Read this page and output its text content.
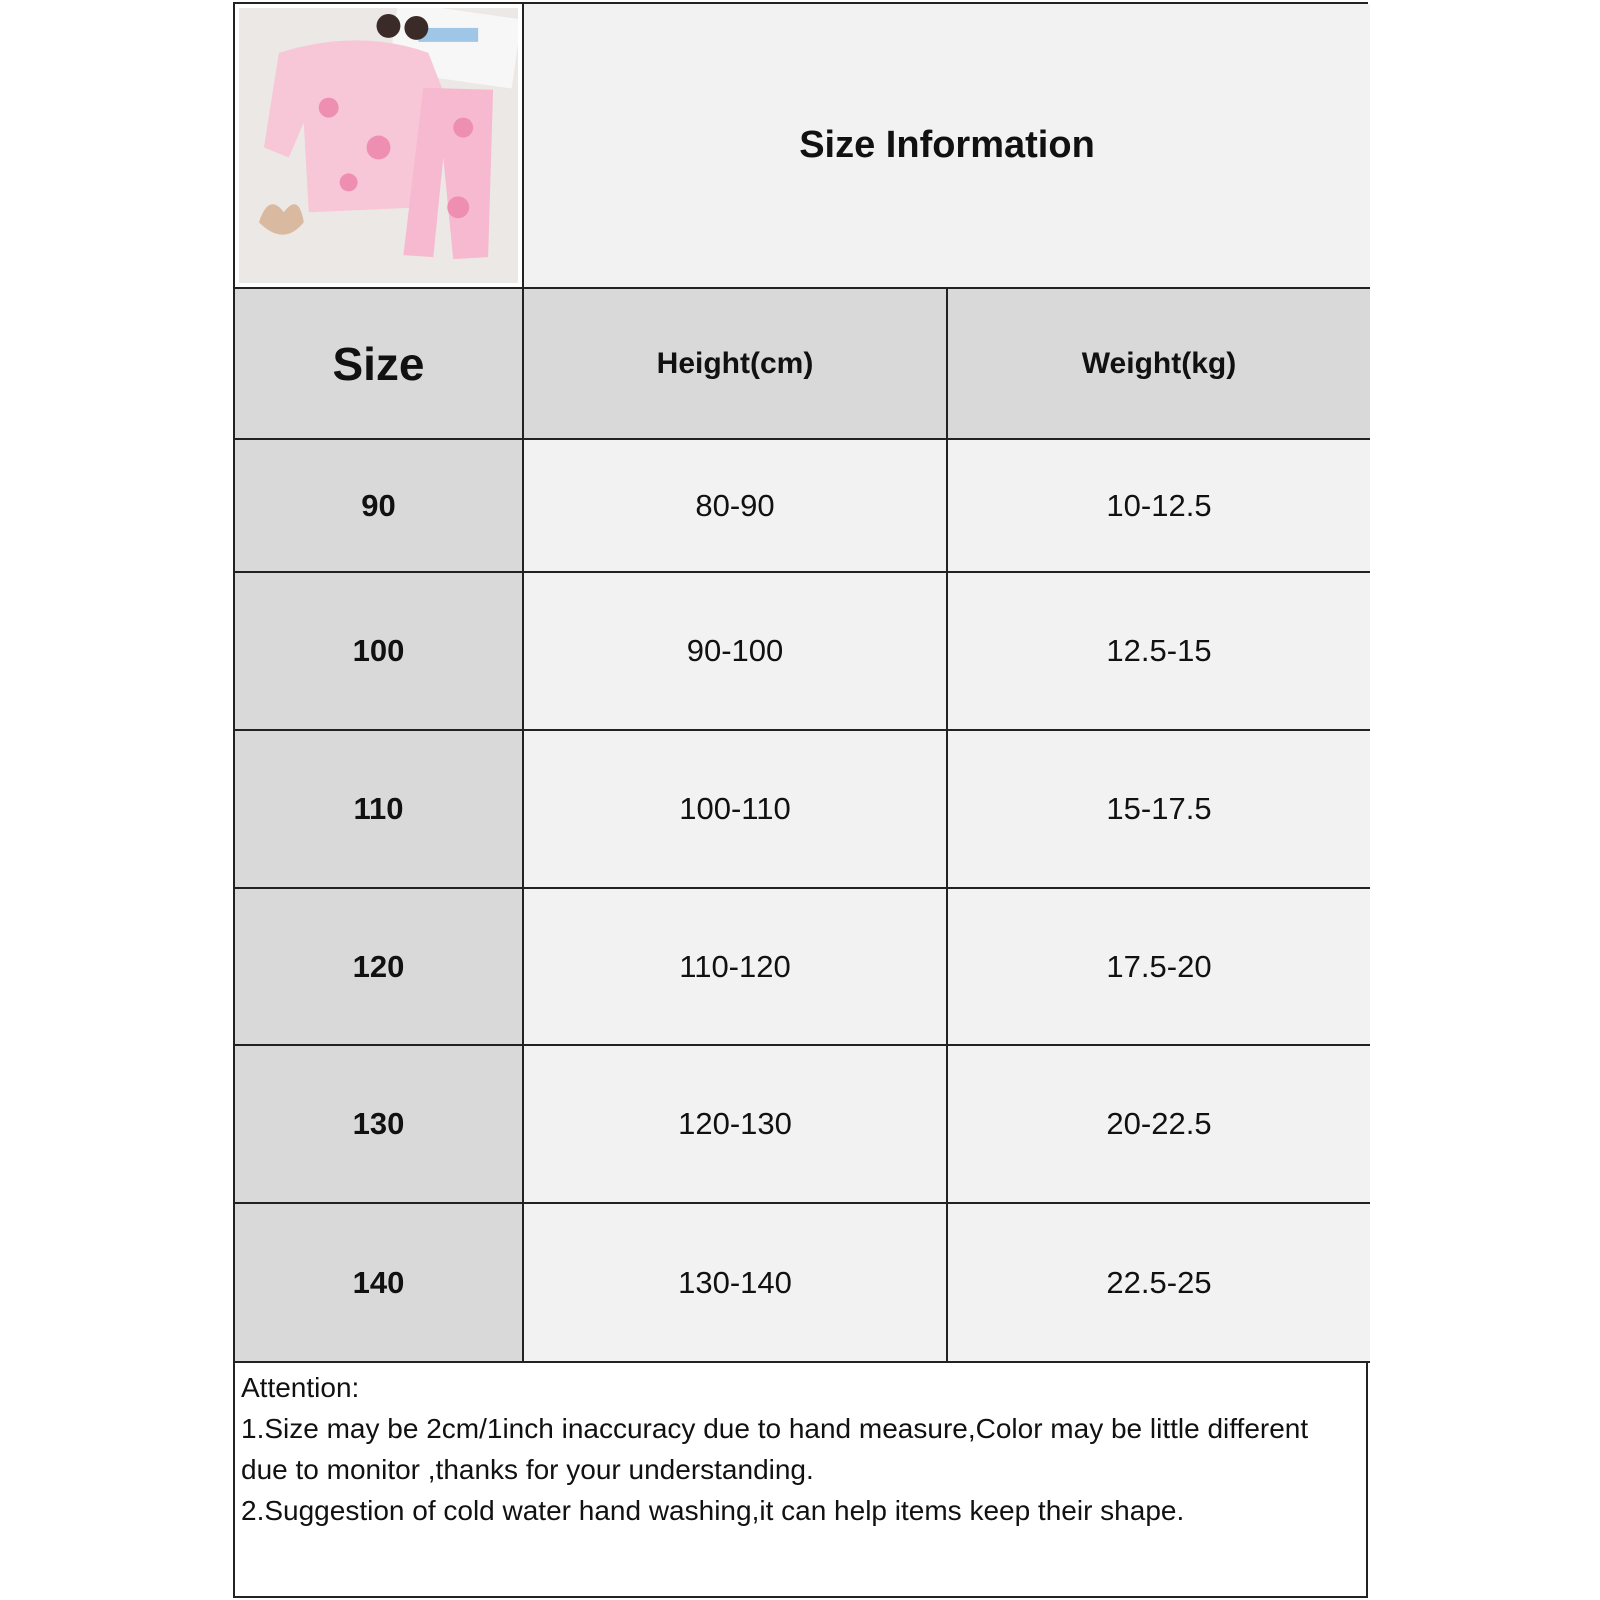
Size Information
Size	Height(cm)	Weight(kg)
90	80-90	10-12.5
100	90-100	12.5-15
110	100-110	15-17.5
120	110-120	17.5-20
130	120-130	20-22.5
140	130-140	22.5-25
Attention:
1.Size may be 2cm/1inch inaccuracy due to hand measure,Color may be little different due to monitor ,thanks for your understanding.
2.Suggestion of cold water hand washing,it can help items keep their shape.
